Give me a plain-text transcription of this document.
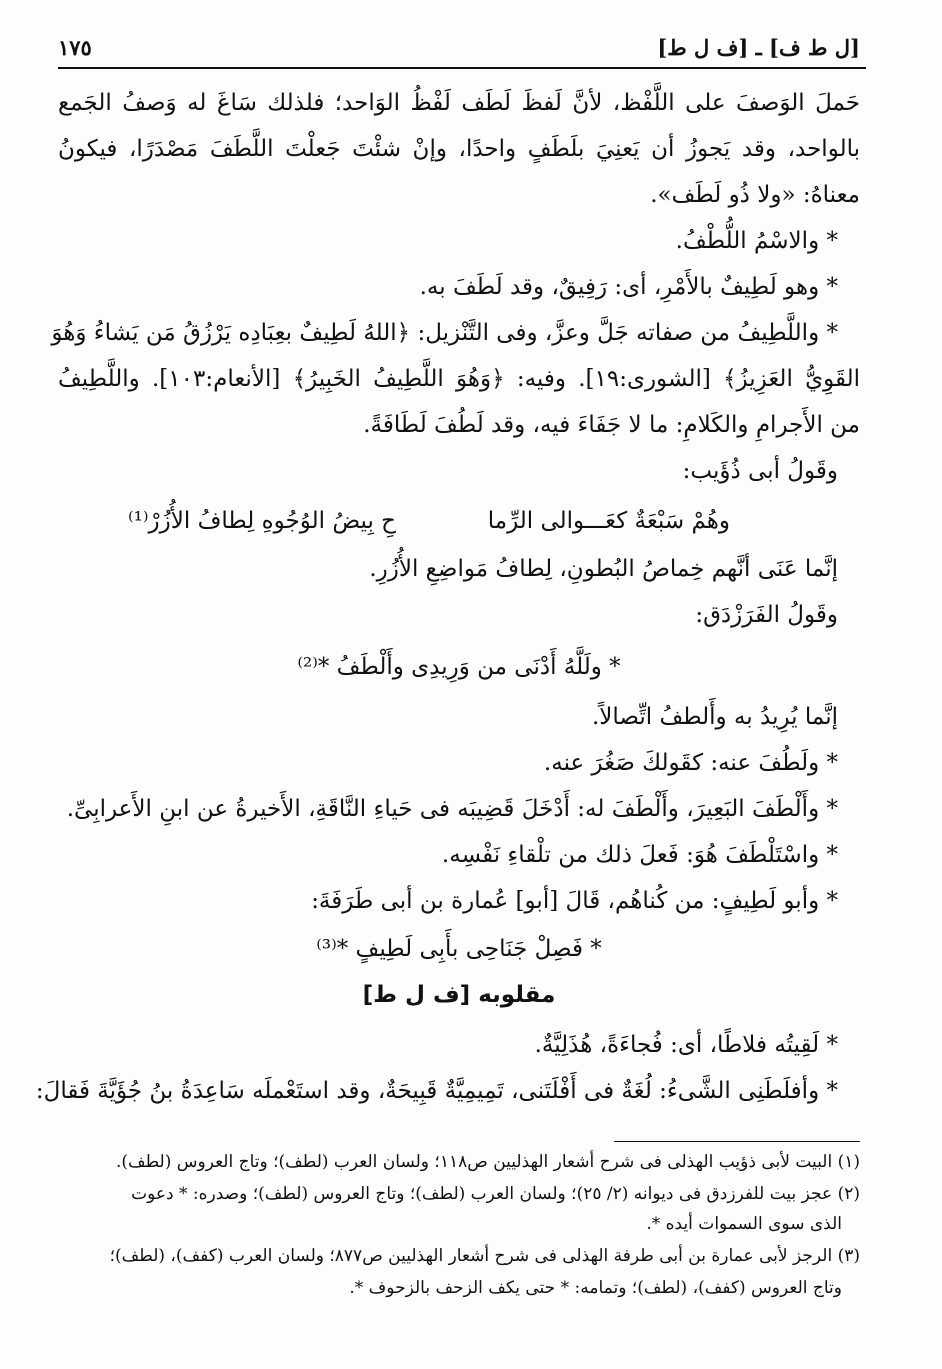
[ل ط ف] ـ [ف ل ط]
١٧٥
حَملَ الوَصفَ على اللَّفْظ، لأنَّ لَفظَ لَطَف لَفْظُ الوَاحد؛ فلذلك سَاغَ له وَصفُ الجَمع
بالواحد، وقد يَجوزُ أن يَعنِيَ بلَطَفٍ واحدًا، وإنْ شئْتَ جَعلْتَ اللَّطَفَ مَصْدَرًا، فيكونُ
معناهُ: «ولا ذُو لَطَف».
* والاسْمُ اللُّطْفُ.
* وهو لَطِيفٌ بالأَمْرِ، أى: رَفِيقٌ، وقد لَطَفَ به.
* واللَّطِيفُ من صفاته جَلَّ وعزَّ، وفى التَّنْزيل: ﴿اللهُ لَطِيفٌ بعِبَادِه يَرْزُقُ مَن يَشاءُ وَهُوَ
القَوِيُّ العَزِيزُ﴾ [الشورى:١٩]. وفيه: ﴿وَهُوَ اللَّطِيفُ الخَبِيرُ﴾ [الأنعام:١٠٣]. واللَّطِيفُ
من الأَجرامِ والكَلامِ: ما لا جَفَاءَ فيه، وقد لَطُفَ لَطَافَةً.
وقَولُ أبى ذُؤَيب:
وهُمْ سَبْعَةٌ كعَـــوالى الرِّما
حِ بِيضُ الوُجُوهِ لِطافُ الأُزُرْ⁽¹⁾
إنَّما عَنَى أنَّهم خِماصُ البُطونِ، لِطافُ مَواضِعِ الأُزُرِ.
وقَولُ الفَرَزْدَق:
* ولَلَّهُ أَدْنَى من وَرِيدِى وأَلْطَفُ *⁽²⁾
إنَّما يُرِيدُ به وأَلطفُ اتِّصالاً.
* ولَطُفَ عنه: كقَولكَ صَغُرَ عنه.
* وأَلْطَفَ البَعِيرَ، وأَلْطَفَ له: أَدْخَلَ قَضِيبَه فى حَياءِ النَّاقَةِ، الأَخيرةُ عن ابنِ الأَعرابِىِّ.
* واسْتَلْطَفَ هُوَ: فَعلَ ذلك من تلْقاءِ نَفْسِه.
* وأبو لَطِيفٍ: من كُناهُم، قَالَ [أبو] عُمارة بن أبى طَرَفَةَ:
* فَصِلْ جَنَاحِى بأَبِى لَطِيفٍ *⁽³⁾
مقلوبه [ف ل ط]
* لَقِيتُه فلاطًا، أى: فُجاءَةً، هُذَلِيَّةٌ.
* وأفلَطَنِى الشَّىءُ: لُغَةٌ فى أَفْلَتَنى، تَمِيمِيَّةٌ قَبِيحَةٌ، وقد استَعْملَه سَاعِدَةُ بنُ جُؤَيَّةَ فَقالَ:
(١) البيت لأبى ذؤيب الهذلى فى شرح أشعار الهذليين ص١١٨؛ ولسان العرب (لطف)؛ وتاج العروس (لطف).
(٢) عجز بيت للفرزدق فى ديوانه (٢/ ٢٥)؛ ولسان العرب (لطف)؛ وتاج العروس (لطف)؛ وصدره: * دعوت
الذى سوى السموات أيده *.
(٣) الرجز لأبى عمارة بن أبى طرفة الهذلى فى شرح أشعار الهذليين ص٨٧٧؛ ولسان العرب (كفف)، (لطف)؛
وتاج العروس (كفف)، (لطف)؛ وتمامه: * حتى يكف الزحف بالزحوف *.
